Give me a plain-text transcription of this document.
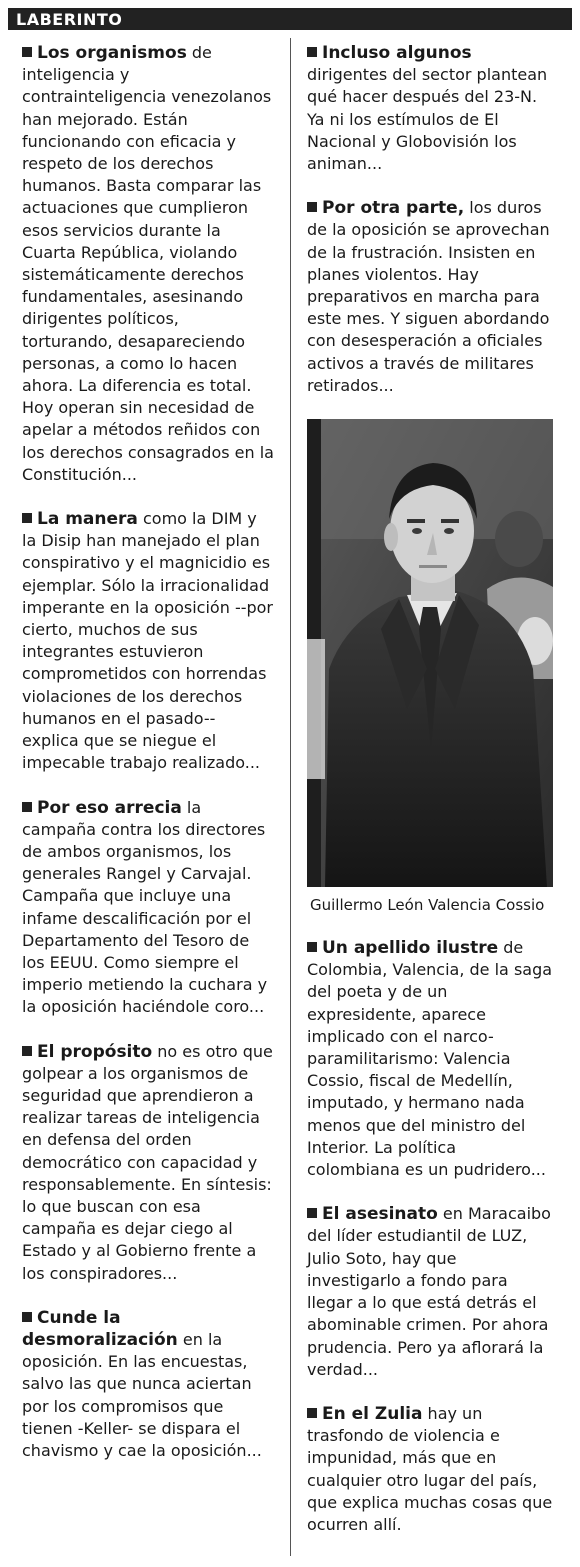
LABERINTO

Los organismos de inteligencia y contrainteligencia venezolanos han mejorado. Están funcionando con eficacia y respeto de los derechos humanos. Basta comparar las actuaciones que cumplieron esos servicios durante la Cuarta República, violando sistemáticamente derechos fundamentales, asesinando dirigentes políticos, torturando, desapareciendo personas, a como lo hacen ahora. La diferencia es total. Hoy operan sin necesidad de apelar a métodos reñidos con los derechos consagrados en la Constitución...

La manera como la DIM y la Disip han manejado el plan conspirativo y el magnicidio es ejemplar. Sólo la irracionalidad imperante en la oposición --por cierto, muchos de sus integrantes estuvieron comprometidos con horrendas violaciones de los derechos humanos en el pasado-- explica que se niegue el impecable trabajo realizado...

Por eso arrecia la campaña contra los directores de ambos organismos, los generales Rangel y Carvajal. Campaña que incluye una infame descalificación por el Departamento del Tesoro de los EEUU. Como siempre el imperio metiendo la cuchara y la oposición haciéndole coro...

El propósito no es otro que golpear a los organismos de seguridad que aprendieron a realizar tareas de inteligencia en defensa del orden democrático con capacidad y responsablemente. En síntesis: lo que buscan con esa campaña es dejar ciego al Estado y al Gobierno frente a los conspiradores...

Cunde la desmoralización en la oposición. En las encuestas, salvo las que nunca aciertan por los compromisos que tienen -Keller- se dispara el chavismo y cae la oposición...

Incluso algunos dirigentes del sector plantean qué hacer después del 23-N. Ya ni los estímulos de El Nacional y Globovisión los animan...

Por otra parte, los duros de la oposición se aprovechan de la frustración. Insisten en planes violentos. Hay preparativos en marcha para este mes. Y siguen abordando con desesperación a oficiales activos a través de militares retirados...

Guillermo León Valencia Cossio

Un apellido ilustre de Colombia, Valencia, de la saga del poeta y de un expresidente, aparece implicado con el narco-paramilitarismo: Valencia Cossio, fiscal de Medellín, imputado, y hermano nada menos que del ministro del Interior. La política colombiana es un pudridero...

El asesinato en Maracaibo del líder estudiantil de LUZ, Julio Soto, hay que investigarlo a fondo para llegar a lo que está detrás el abominable crimen. Por ahora prudencia. Pero ya aflorará la verdad...

En el Zulia hay un trasfondo de violencia e impunidad, más que en cualquier otro lugar del país, que explica muchas cosas que ocurren allí.
